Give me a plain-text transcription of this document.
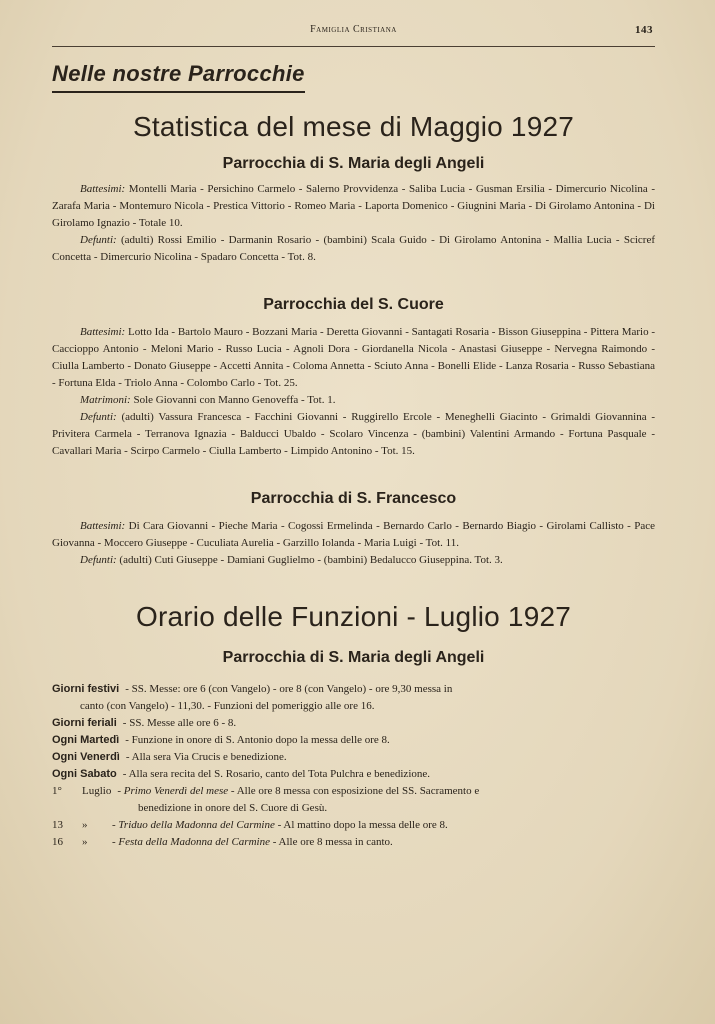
Famiglia Cristiana	143
Nelle nostre Parrocchie
Statistica del mese di Maggio 1927
Parrocchia di S. Maria degli Angeli

Battesimi: Montelli Maria - Persichino Carmelo - Salerno Provvidenza - Saliba Lucia - Gusman Ersilia - Dimercurio Nicolina - Zarafa Maria - Montemuro Nicola - Prestica Vittorio - Romeo Maria - Laporta Domenico - Giugnini Maria - Di Girolamo Antonina - Di Girolamo Ignazio - Totale 10.

Defunti: (adulti) Rossi Emilio - Darmanin Rosario - (bambini) Scala Guido - Di Girolamo Antonina - Mallia Lucia - Scicref Concetta - Dimercurio Nicolina - Spadaro Concetta - Tot. 8.

Parrocchia del S. Cuore

Battesimi: Lotto Ida - Bartolo Mauro - Bozzani Maria - Deretta Giovanni - Santagati Rosaria - Bisson Giuseppina - Pittera Mario - Caccioppo Antonio - Meloni Mario - Russo Lucia - Agnoli Dora - Giordanella Nicola - Anastasi Giuseppe - Nervegna Raimondo - Ciulla Lamberto - Donato Giuseppe - Accetti Annita - Coloma Annetta - Sciuto Anna - Bonelli Elide - Lanza Rosaria - Russo Sebastiana - Fortuna Elda - Triolo Anna - Colombo Carlo - Tot. 25.

Matrimoni: Sole Giovanni con Manno Genoveffa - Tot. 1.

Defunti: (adulti) Vassura Francesca - Facchini Giovanni - Ruggirello Ercole - Meneghelli Giacinto - Grimaldi Giovannina - Privitera Carmela - Terranova Ignazia - Balducci Ubaldo - Scolaro Vincenza - (bambini) Valentini Armando - Fortuna Pasquale - Cavallari Maria - Scirpo Carmelo - Ciulla Lamberto - Limpido Antonino - Tot. 15.

Parrocchia di S. Francesco

Battesimi: Di Cara Giovanni - Pieche Maria - Cogossi Ermelinda - Bernardo Carlo - Bernardo Biagio - Girolami Callisto - Pace Giovanna - Moccero Giuseppe - Cuculiata Aurelia - Garzillo Iolanda - Maria Luigi - Tot. 11.

Defunti: (adulti) Cuti Giuseppe - Damiani Guglielmo - (bambini) Bedalucco Giuseppina. Tot. 3.

Orario delle Funzioni - Luglio 1927
Parrocchia di S. Maria degli Angeli
Giorni festivi - SS. Messe: ore 6 (con Vangelo) - ore 8 (con Vangelo) - ore 9,30 messa in
canto (con Vangelo) - 11,30. - Funzioni del pomeriggio alle ore 16.
Giorni feriali - SS. Messe alle ore 6 - 8.
Ogni Martedì - Funzione in onore di S. Antonio dopo la messa delle ore 8.
Ogni Venerdì - Alla sera Via Crucis e benedizione.
Ogni Sabato - Alla sera recita del S. Rosario, canto del Tota Pulchra e benedizione.
1°	Luglio - Primo Venerdì del mese - Alle ore 8 messa con esposizione del SS. Sacramento e
benedizione in onore del S. Cuore di Gesù.
13	»	- Triduo della Madonna del Carmine - Al mattino dopo la messa delle ore 8.
16	»	- Festa della Madonna del Carmine - Alle ore 8 messa in canto.
